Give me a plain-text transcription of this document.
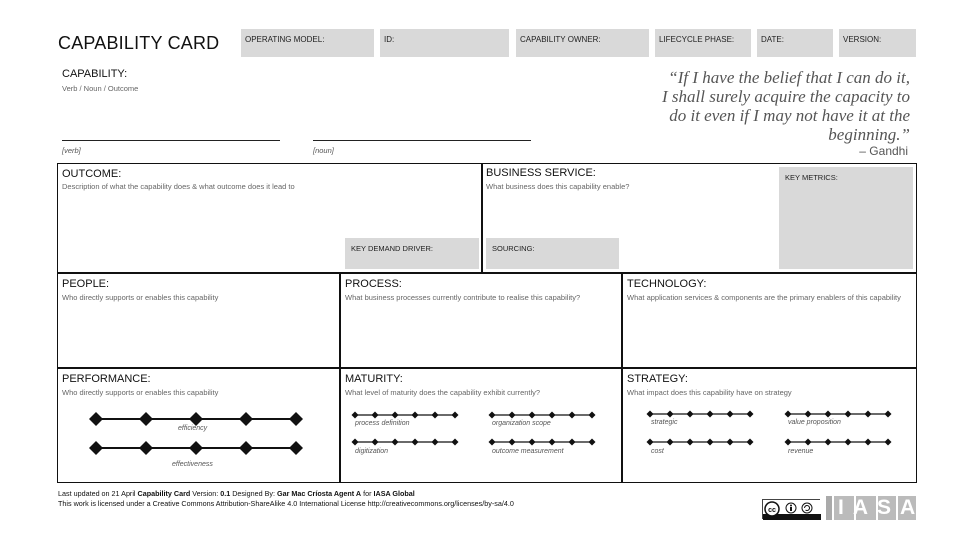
CAPABILITY CARD	OPERATING MODEL:	ID:	CAPABILITY OWNER:	LIFECYCLE PHASE:	DATE:	VERSION:
CAPABILITY:
Verb / Noun / Outcome
[verb]	[noun]
“If I have the belief that I can do it, I shall surely acquire the capacity to do it even if I may not have it at the beginning.”
– Gandhi
OUTCOME:
Description of what the capability does & what outcome does it lead to
KEY DEMAND DRIVER:
BUSINESS SERVICE:
What business does this capability enable?
SOURCING:
KEY METRICS:
PEOPLE:
Who directly supports or enables this capability
PROCESS:
What business processes currently contribute to realise this capability?
TECHNOLOGY:
What application services & components are the primary enablers of this capability
PERFORMANCE:
Who directly supports or enables this capability
MATURITY:
What level of maturity does the capability exhibit currently?
STRATEGY:
What impact does this capability have on strategy
efficiency
effectiveness
process definition	organization scope
digitization	outcome measurement
strategic	value proposition
cost	revenue
Last updated on 21 April Capability Card Version: 0.1 Designed By: Gar Mac Críosta Agent A for IASA Global
This work is licensed under a Creative Commons Attribution-ShareAlike 4.0 International License http://creativecommons.org/licenses/by-sa/4.0
cc	IASA
